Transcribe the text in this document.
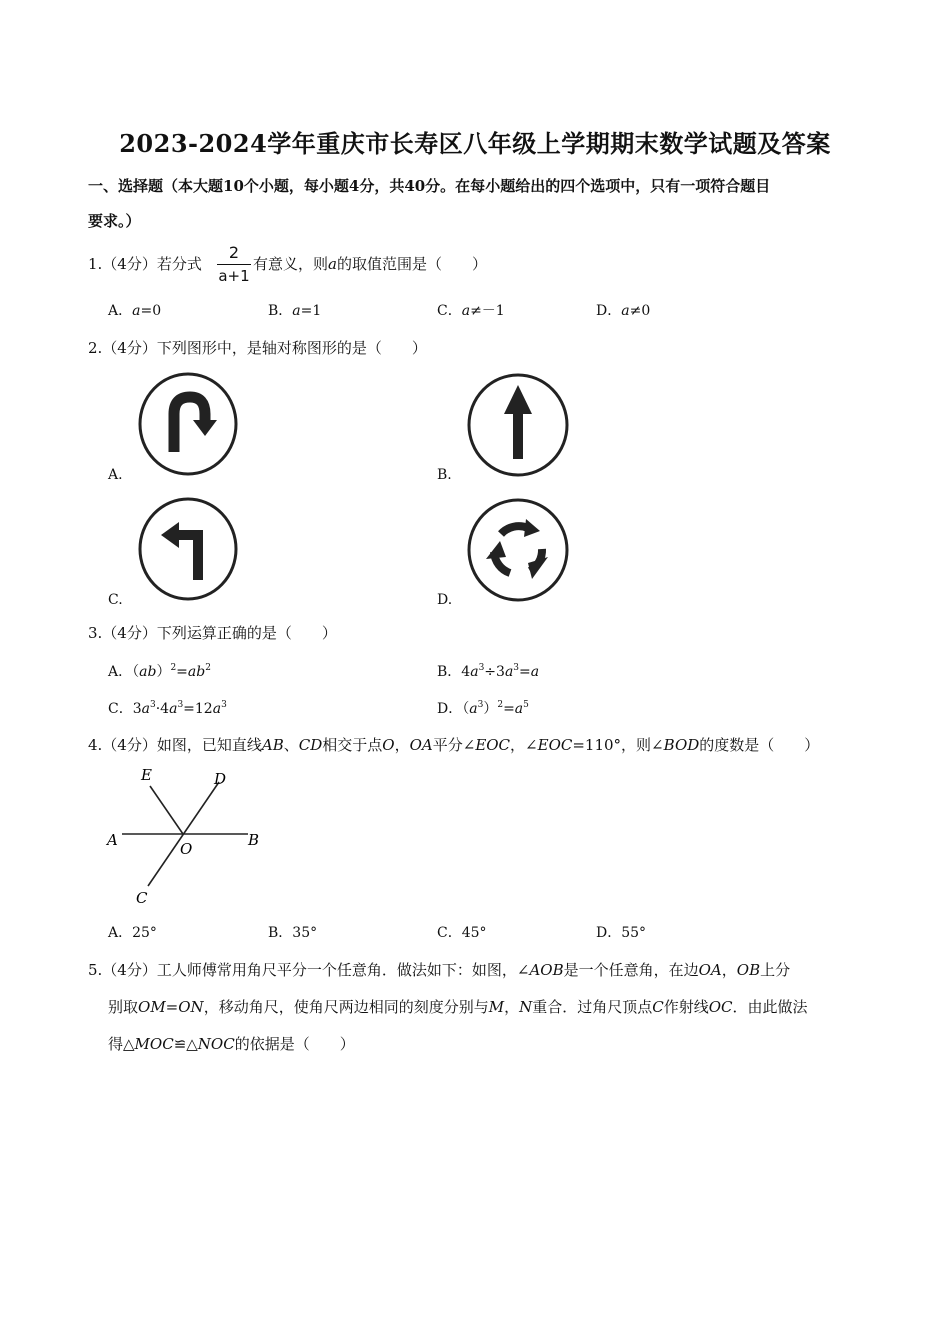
2023-2024学年重庆市长寿区八年级上学期期末数学试题及答案
一、选择题（本大题10个小题，每小题4分，共40分。在每小题给出的四个选项中，只有一项符合题目
要求。）
1.（4分）若分式
2
a+1
有意义，则a的取值范围是（　　）
A．a=0	B．a=1	C．a≠－1	D．a≠0
2.（4分）下列图形中，是轴对称图形的是（　　）
A.	B.
C.	D.
3.（4分）下列运算正确的是（　　）
A．$(ab)^2=ab^2$	B．$4a^3\div 3a^3=a$
C．$3a^3\cdot 4a^3=12a^3$	D．$(a^3)^2=a^5$
4.（4分）如图，已知直线AB、CD相交于点O，OA平分∠EOC，∠EOC=110°，则∠BOD的度数是（　　）
E	D
A	O	B
C
A．25°	B．35°	C．45°	D．55°
5.（4分）工人师傅常用角尺平分一个任意角．做法如下：如图，∠AOB是一个任意角，在边OA，OB上分
别取OM=ON，移动角尺，使角尺两边相同的刻度分别与M，N重合．过角尺顶点C作射线OC．由此做法
得△MOC≌△NOC的依据是（　　）
